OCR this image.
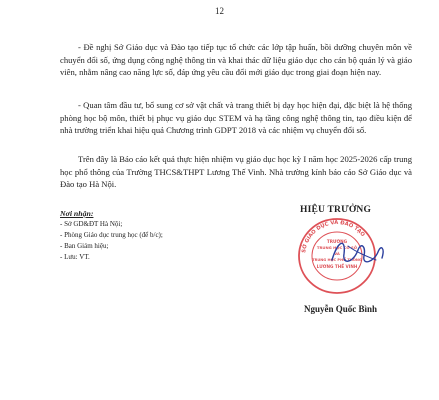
12

- Đề nghị Sở Giáo dục và Đào tạo tiếp tục tổ chức các lớp tập huấn, bồi dưỡng chuyên môn về chuyển đổi số, ứng dụng công nghệ thông tin và khai thác dữ liệu giáo dục cho cán bộ quản lý và giáo viên, nhằm nâng cao năng lực số, đáp ứng yêu cầu đổi mới giáo dục trong giai đoạn hiện nay.

- Quan tâm đầu tư, bổ sung cơ sở vật chất và trang thiết bị dạy học hiện đại, đặc biệt là hệ thống phòng học bộ môn, thiết bị phục vụ giáo dục STEM và hạ tầng công nghệ thông tin, tạo điều kiện để nhà trường triển khai hiệu quả Chương trình GDPT 2018 và các nhiệm vụ chuyển đổi số.

Trên đây là Báo cáo kết quả thực hiện nhiệm vụ giáo dục học kỳ I năm học 2025-2026 cấp trung học phổ thông của Trường THCS&THPT Lương Thế Vinh. Nhà trường kính báo cáo Sở Giáo dục và Đào tạo Hà Nội.

Nơi nhận:
- Sở GD&ĐT Hà Nội;
- Phòng Giáo dục trung học (để b/c);
- Ban Giám hiệu;
- Lưu: VT.
HIỆU TRƯỞNG
SỞ GIÁO DỤC VÀ ĐÀO TẠO
TRƯỜNG
TRUNG HỌC CƠ SỞ
VÀ
TRUNG HỌC PHỔ THÔNG
LƯƠNG THẾ VINH
Nguyễn Quốc Bình
